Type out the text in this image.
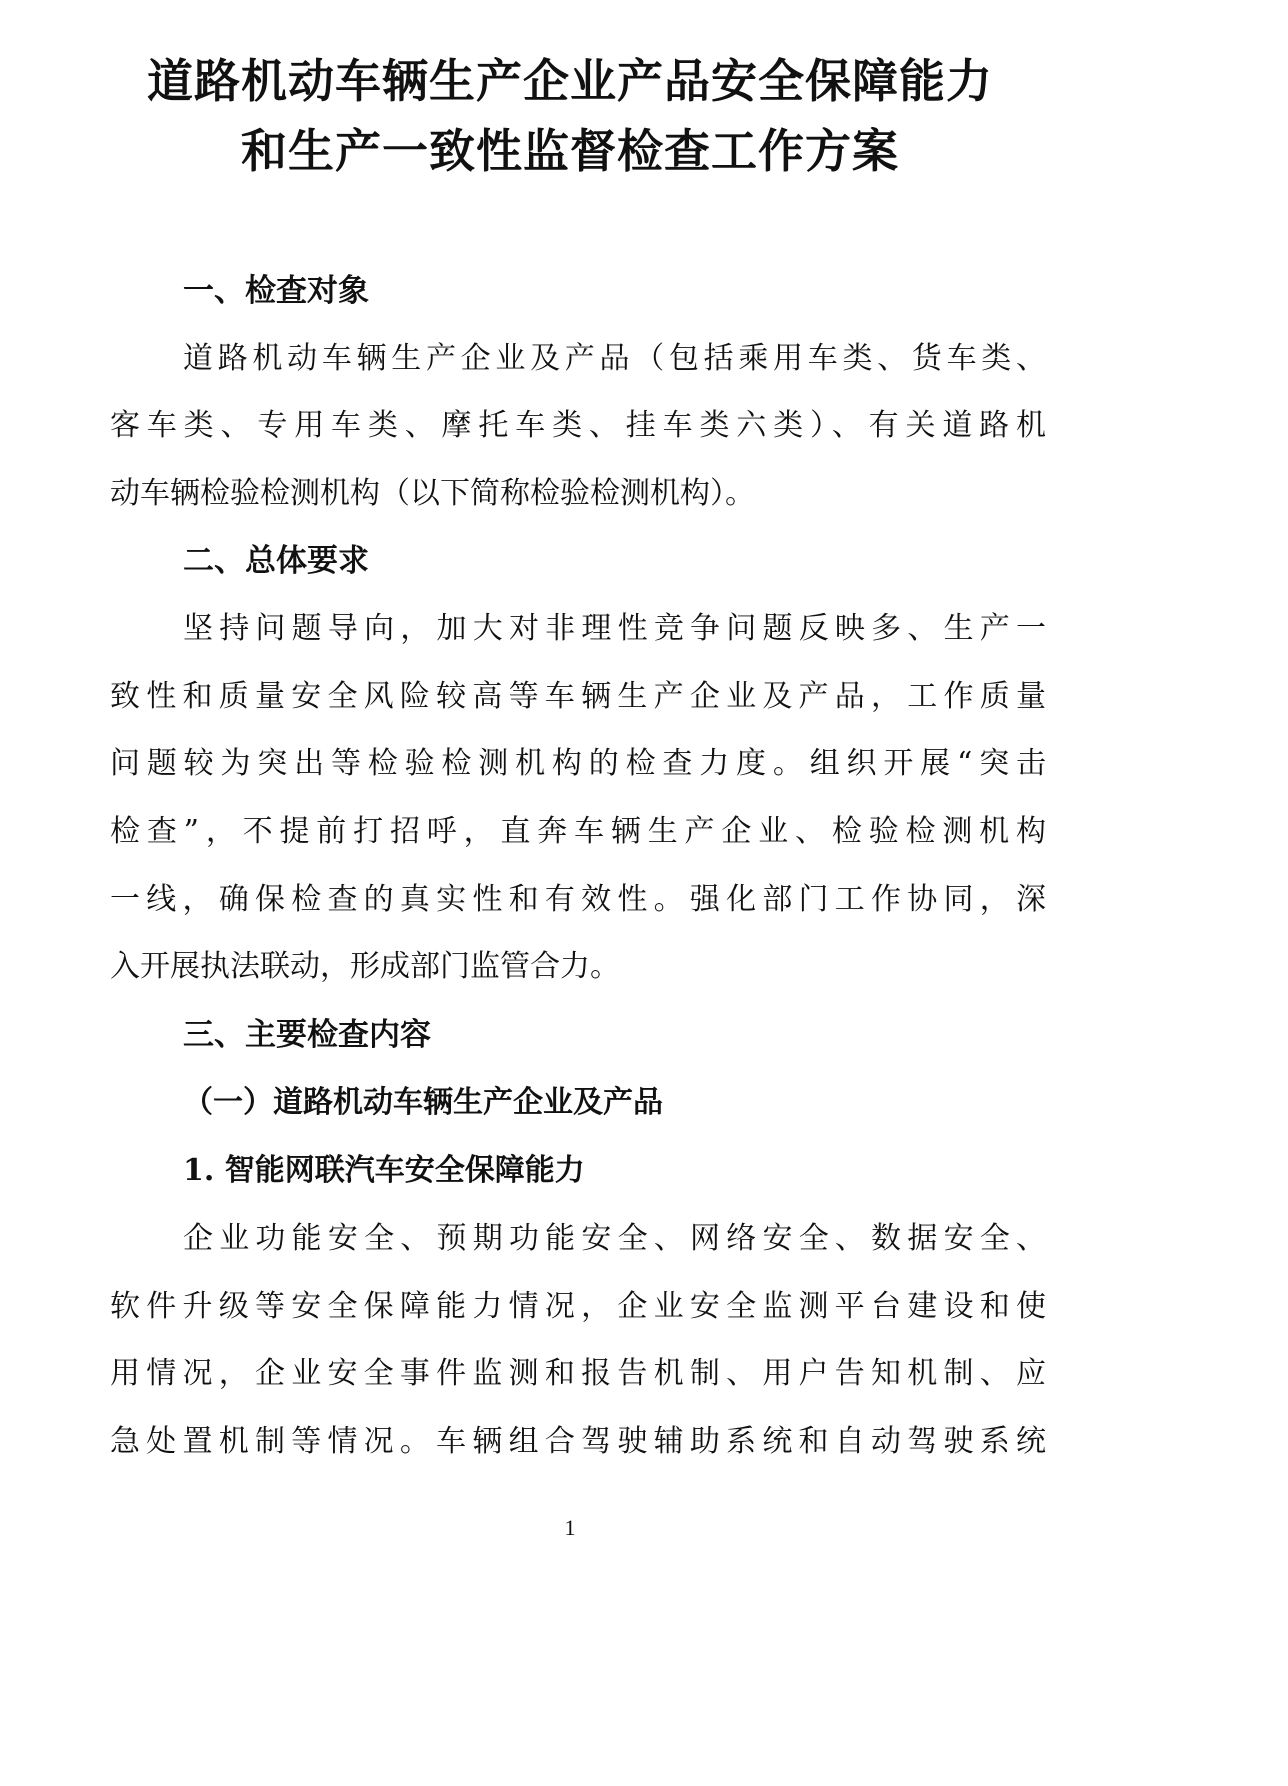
道路机动车辆生产企业产品安全保障能力
和生产一致性监督检查工作方案
一、检查对象
道路机动车辆生产企业及产品（包括乘用车类、货车类、
客车类、专用车类、摩托车类、挂车类六类）、有关道路机
动车辆检验检测机构（以下简称检验检测机构）。
二、总体要求
坚持问题导向，加大对非理性竞争问题反映多、生产一
致性和质量安全风险较高等车辆生产企业及产品，工作质量
问题较为突出等检验检测机构的检查力度。组织开展“突击
检查”，不提前打招呼，直奔车辆生产企业、检验检测机构
一线，确保检查的真实性和有效性。强化部门工作协同，深
入开展执法联动，形成部门监管合力。
三、主要检查内容
（一）道路机动车辆生产企业及产品
1. 智能网联汽车安全保障能力
企业功能安全、预期功能安全、网络安全、数据安全、
软件升级等安全保障能力情况，企业安全监测平台建设和使
用情况，企业安全事件监测和报告机制、用户告知机制、应
急处置机制等情况。车辆组合驾驶辅助系统和自动驾驶系统
1
